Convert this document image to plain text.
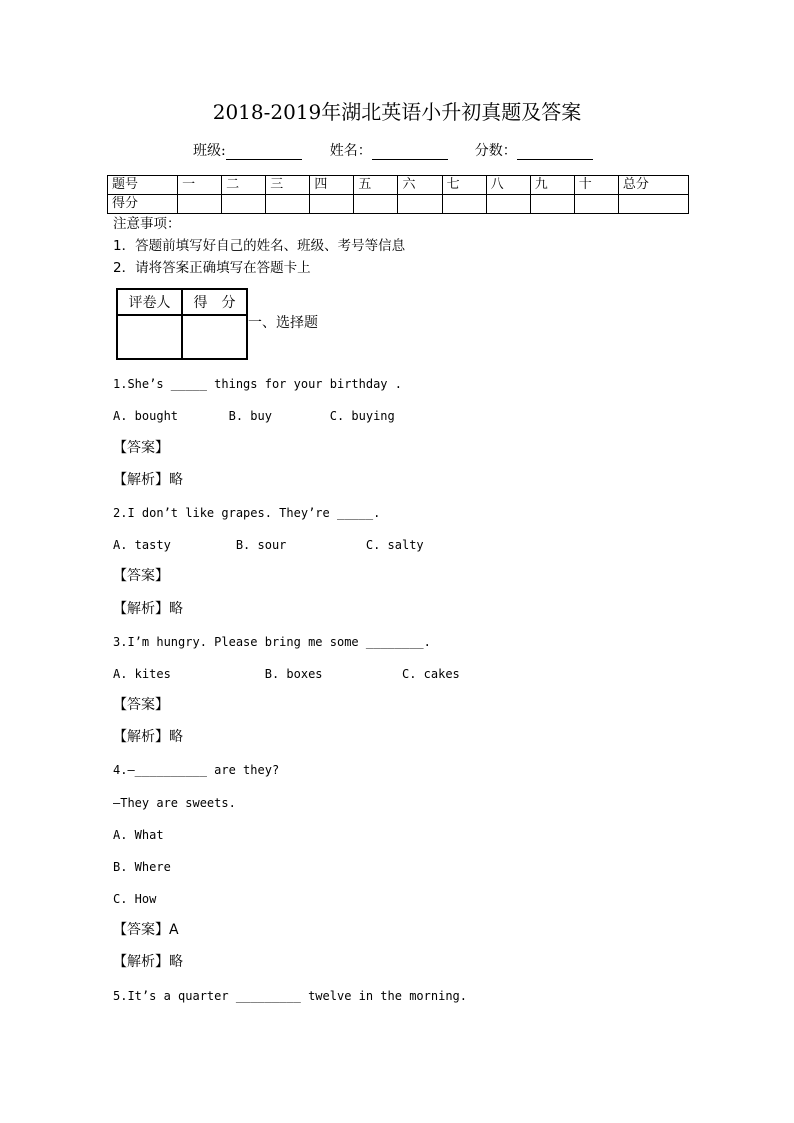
2018-2019年湖北英语小升初真题及答案
班级:	姓名：	分数：
题号	一	二	三	四	五	六	七	八	九	十	总分
得分											
注意事项：
1．答题前填写好自己的姓名、班级、考号等信息
2．请将答案正确填写在答题卡上
评卷人	得　分

一、选择题
1.She’s _____ things for your birthday .
A. bought       B. buy        C. buying
【答案】
【解析】略
2.I don’t like grapes. They’re _____.
A. tasty         B. sour           C. salty
【答案】
【解析】略
3.I’m hungry. Please bring me some ________.
A. kites             B. boxes           C. cakes
【答案】
【解析】略
4.—__________ are they?
—They are sweets.
A. What
B. Where
C. How
【答案】A
【解析】略
5.It’s a quarter _________ twelve in the morning.
